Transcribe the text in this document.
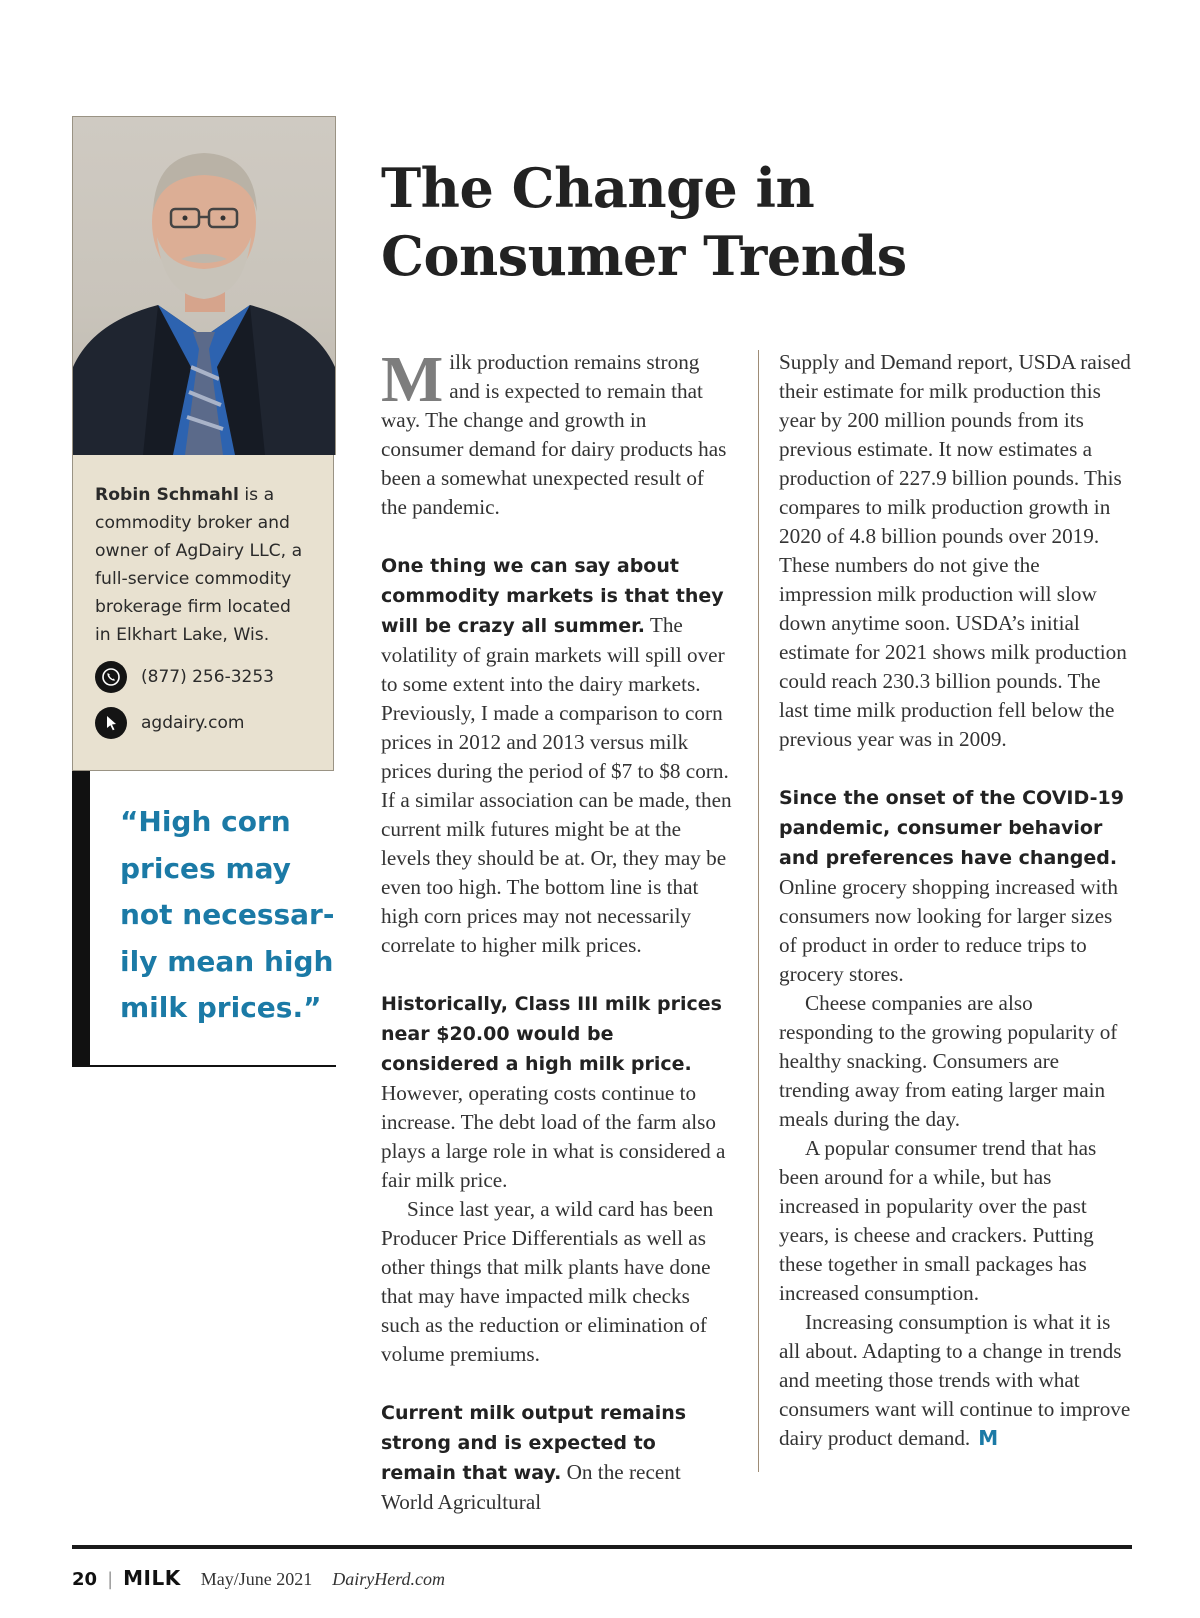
Robin Schmahl is a commodity broker and owner of AgDairy LLC, a full-service commodity brokerage firm located in Elkhart Lake, Wis.
(877) 256-3253
agdairy.com

“High corn prices may not necessar-ily mean high milk prices.”

The Change in
Consumer Trends

Milk production remains strong and is expected to remain that way. The change and growth in consumer demand for dairy products has been a somewhat unexpected result of the pandemic.

One thing we can say about commodity markets is that they will be crazy all summer. The volatility of grain markets will spill over to some extent into the dairy markets. Previously, I made a comparison to corn prices in 2012 and 2013 versus milk prices during the period of $7 to $8 corn. If a similar association can be made, then current milk futures might be at the levels they should be at. Or, they may be even too high. The bottom line is that high corn prices may not necessarily correlate to higher milk prices.

Historically, Class III milk prices near $20.00 would be considered a high milk price. However, operating costs continue to increase. The debt load of the farm also plays a large role in what is considered a fair milk price.

Since last year, a wild card has been Producer Price Differentials as well as other things that milk plants have done that may have impacted milk checks such as the reduction or elimination of volume premiums.

Current milk output remains strong and is expected to remain that way. On the recent World Agricultural

Supply and Demand report, USDA raised their estimate for milk production this year by 200 million pounds from its previous estimate. It now estimates a production of 227.9 billion pounds. This compares to milk production growth in 2020 of 4.8 billion pounds over 2019. These numbers do not give the impression milk production will slow down anytime soon. USDA’s initial estimate for 2021 shows milk production could reach 230.3 billion pounds. The last time milk production fell below the previous year was in 2009.

Since the onset of the COVID-19 pandemic, consumer behavior and preferences have changed. Online grocery shopping increased with consumers now looking for larger sizes of product in order to reduce trips to grocery stores.

Cheese companies are also responding to the growing popularity of healthy snacking. Consumers are trending away from eating larger main meals during the day.

A popular consumer trend that has been around for a while, but has increased in popularity over the past years, is cheese and crackers. Putting these together in small packages has increased consumption.

Increasing consumption is what it is all about. Adapting to a change in trends and meeting those trends with what consumers want will continue to improve dairy product demand. M

20 | MILK May/June 2021 DairyHerd.com
